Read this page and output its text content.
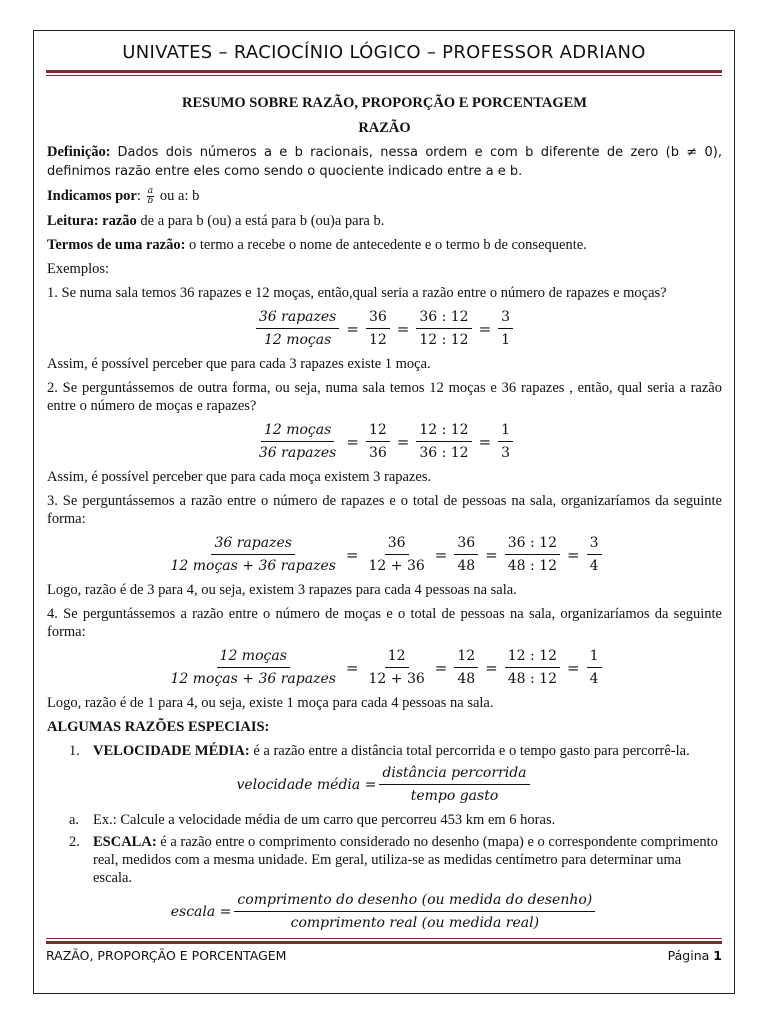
UNIVATES – RACIOCÍNIO LÓGICO – PROFESSOR ADRIANO
RESUMO SOBRE RAZÃO, PROPORÇÃO E PORCENTAGEM
RAZÃO

Definição: Dados dois números a e b racionais, nessa ordem e com b diferente de zero (b ≠ 0), definimos razão entre eles como sendo o quociente indicado entre a e b.

Indicamos por: $\frac{a}{b}$ ou a: b

Leitura: razão de a para b (ou) a está para b (ou)a para b.

Termos de uma razão: o termo a recebe o nome de antecedente e o termo b de consequente.

Exemplos:

1. Se numa sala temos 36 rapazes e 12 moças, então,qual seria a razão entre o número de rapazes e moças?

$\frac{\text{36 rapazes}}{\text{12 moças}} = \frac{36}{12} = \frac{36 : 12}{12 : 12} = \frac{3}{1}$

Assim, é possível perceber que para cada 3 rapazes existe 1 moça.

2. Se perguntássemos de outra forma, ou seja, numa sala temos 12 moças e 36 rapazes , então, qual seria a razão entre o número de moças e rapazes?

$\frac{\text{12 moças}}{\text{36 rapazes}} = \frac{12}{36} = \frac{12 : 12}{36 : 12} = \frac{1}{3}$

Assim, é possível perceber que para cada moça existem 3 rapazes.

3. Se perguntássemos a razão entre o número de rapazes e o total de pessoas na sala, organizaríamos da seguinte forma:

$\frac{\text{36 rapazes}}{\text{12 moças + 36 rapazes}} = \frac{36}{12 + 36} = \frac{36}{48} = \frac{36 : 12}{48 : 12} = \frac{3}{4}$

Logo, razão é de 3 para 4, ou seja, existem 3 rapazes para cada 4 pessoas na sala.

4. Se perguntássemos a razão entre o número de moças e o total de pessoas na sala, organizaríamos da seguinte forma:

$\frac{\text{12 moças}}{\text{12 moças + 36 rapazes}} = \frac{12}{12 + 36} = \frac{12}{48} = \frac{12 : 12}{48 : 12} = \frac{1}{4}$

Logo, razão é de 1 para 4, ou seja, existe 1 moça para cada 4 pessoas na sala.

ALGUMAS RAZÕES ESPECIAIS:

1. VELOCIDADE MÉDIA: é a razão entre a distância total percorrida e o tempo gasto para percorrê-la.
velocidade média = $\frac{\text{distância percorrida}}{\text{tempo gasto}}$
a. Ex.: Calcule a velocidade média de um carro que percorreu 453 km em 6 horas.
2. ESCALA: é a razão entre o comprimento considerado no desenho (mapa) e o correspondente comprimento real, medidos com a mesma unidade. Em geral, utiliza-se as medidas centímetro para determinar uma escala.
escala = $\frac{\text{comprimento do desenho (ou medida do desenho)}}{\text{comprimento real (ou medida real)}}$
RAZÃO, PROPORÇÃO E PORCENTAGEM	Página 1
